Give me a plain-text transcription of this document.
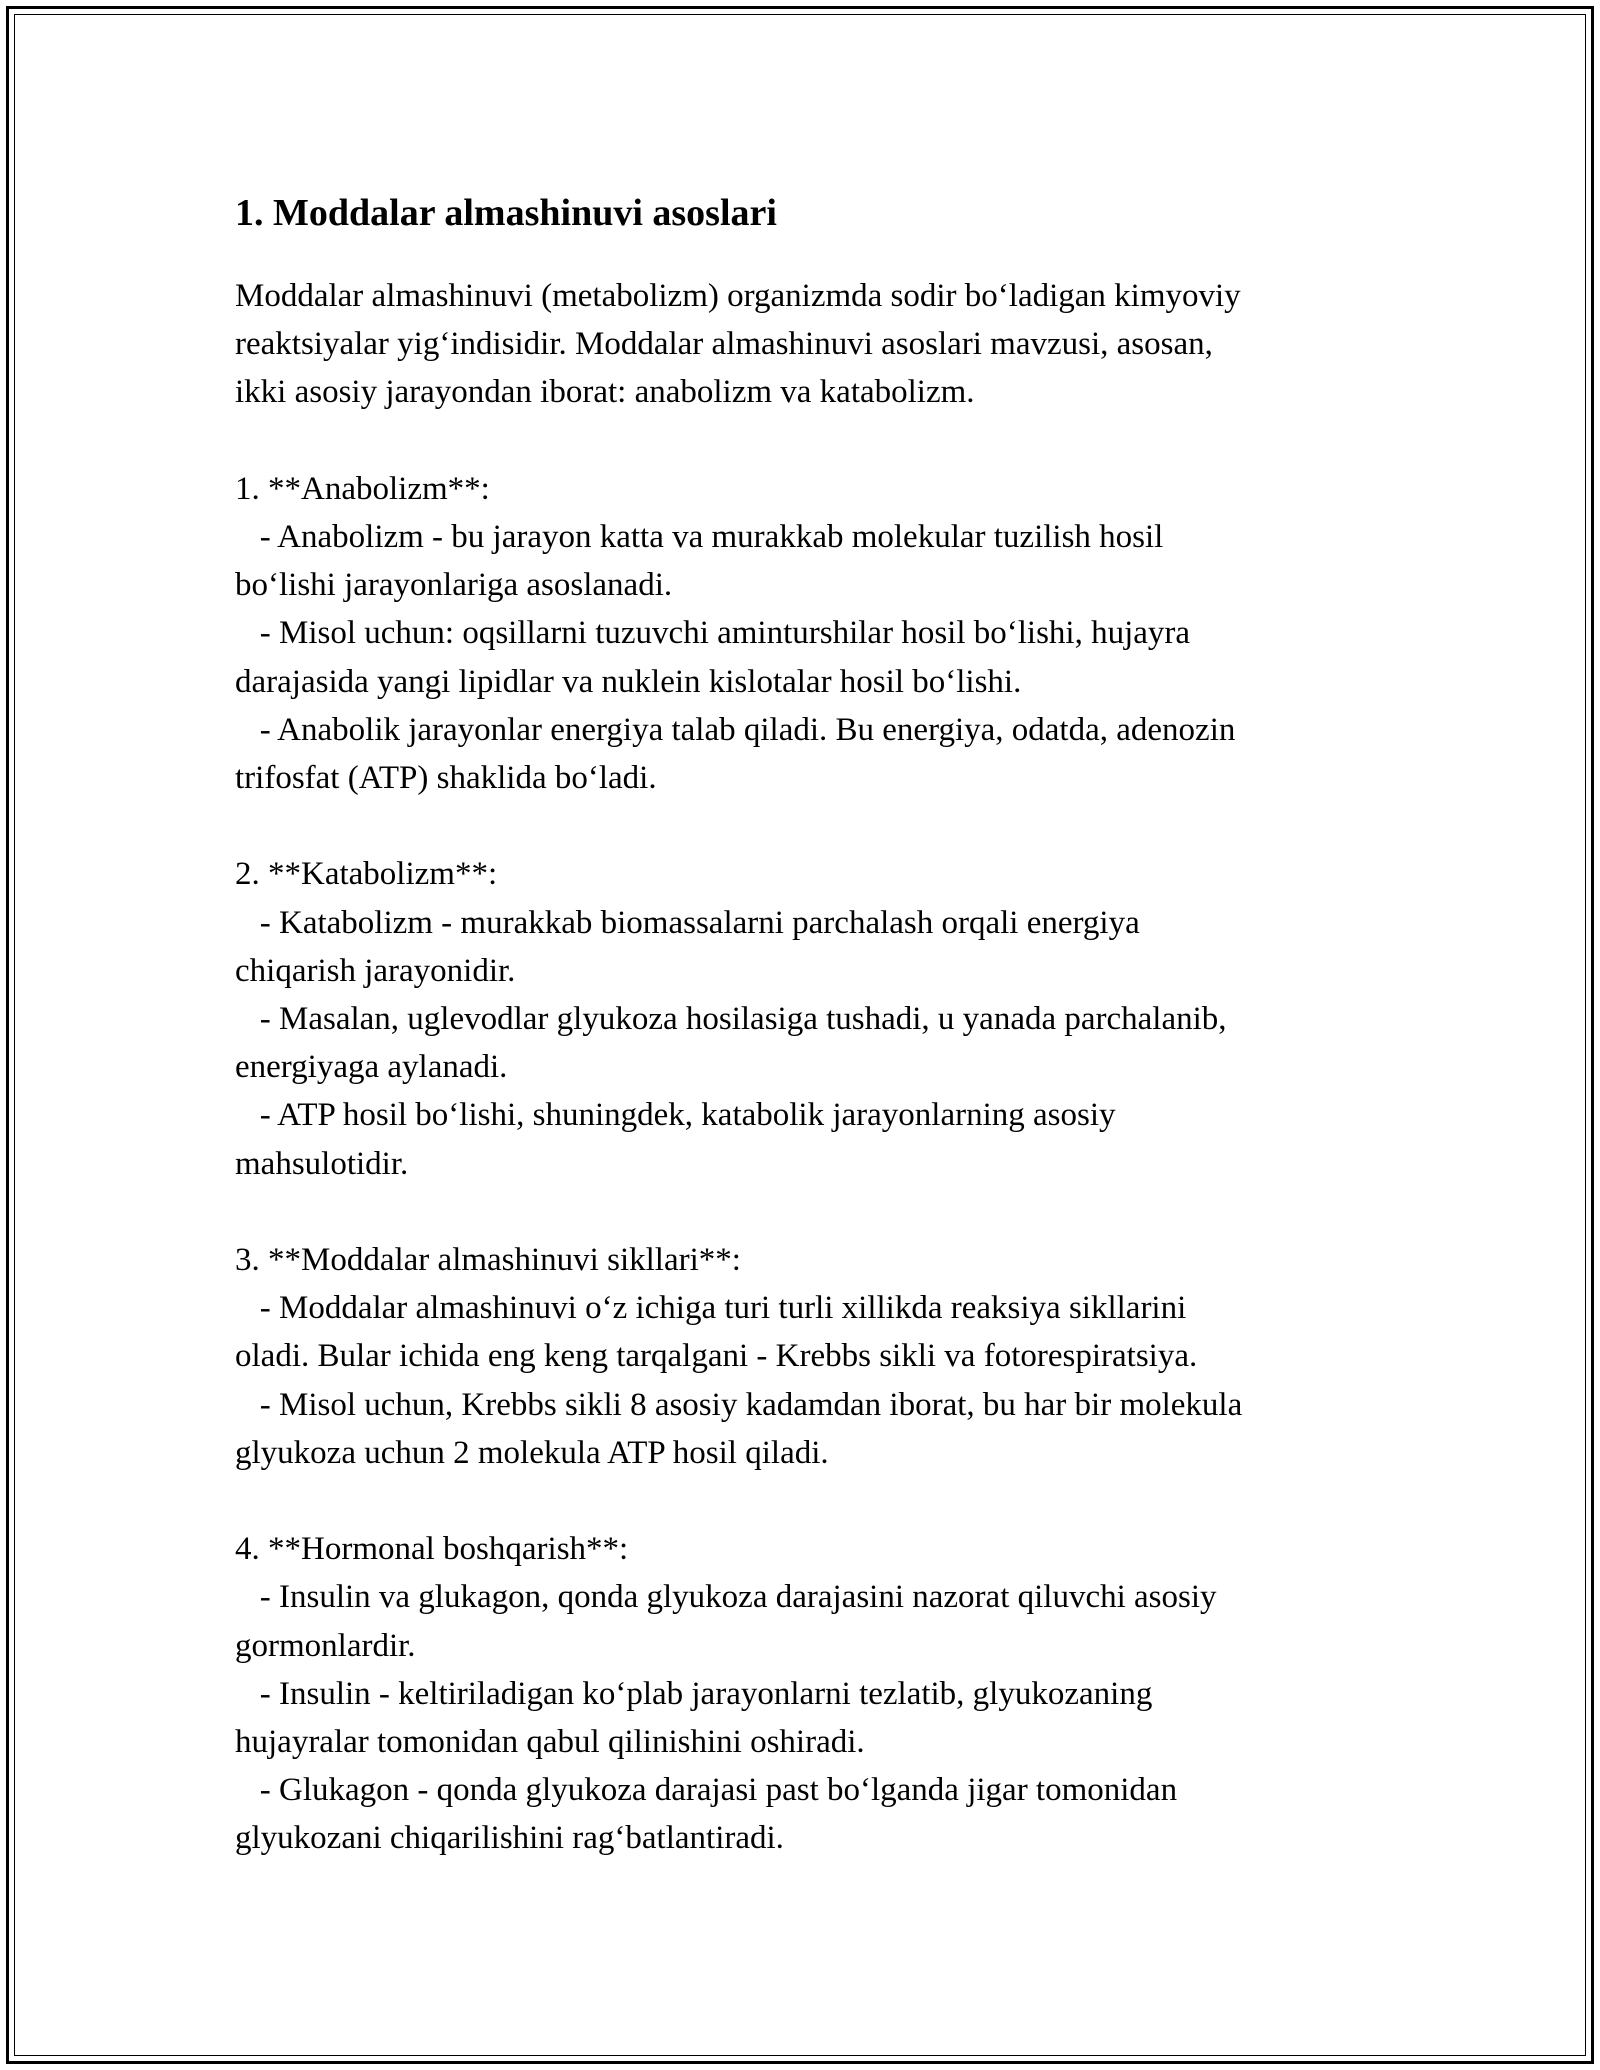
1. Moddalar almashinuvi asoslari
Moddalar almashinuvi (metabolizm) organizmda sodir bo‘ladigan kimyoviy
reaktsiyalar yig‘indisidir. Moddalar almashinuvi asoslari mavzusi, asosan,
ikki asosiy jarayondan iborat: anabolizm va katabolizm.
1. **Anabolizm**:
- Anabolizm - bu jarayon katta va murakkab molekular tuzilish hosil
bo‘lishi jarayonlariga asoslanadi.
- Misol uchun: oqsillarni tuzuvchi aminturshilar hosil bo‘lishi, hujayra
darajasida yangi lipidlar va nuklein kislotalar hosil bo‘lishi.
- Anabolik jarayonlar energiya talab qiladi. Bu energiya, odatda, adenozin
trifosfat (ATP) shaklida bo‘ladi.
2. **Katabolizm**:
- Katabolizm - murakkab biomassalarni parchalash orqali energiya
chiqarish jarayonidir.
- Masalan, uglevodlar glyukoza hosilasiga tushadi, u yanada parchalanib,
energiyaga aylanadi.
- ATP hosil bo‘lishi, shuningdek, katabolik jarayonlarning asosiy
mahsulotidir.
3. **Moddalar almashinuvi sikllari**:
- Moddalar almashinuvi o‘z ichiga turi turli xillikda reaksiya sikllarini
oladi. Bular ichida eng keng tarqalgani - Krebbs sikli va fotorespiratsiya.
- Misol uchun, Krebbs sikli 8 asosiy kadamdan iborat, bu har bir molekula
glyukoza uchun 2 molekula ATP hosil qiladi.
4. **Hormonal boshqarish**:
- Insulin va glukagon, qonda glyukoza darajasini nazorat qiluvchi asosiy
gormonlardir.
- Insulin - keltiriladigan ko‘plab jarayonlarni tezlatib, glyukozaning
hujayralar tomonidan qabul qilinishini oshiradi.
- Glukagon - qonda glyukoza darajasi past bo‘lganda jigar tomonidan
glyukozani chiqarilishini rag‘batlantiradi.
